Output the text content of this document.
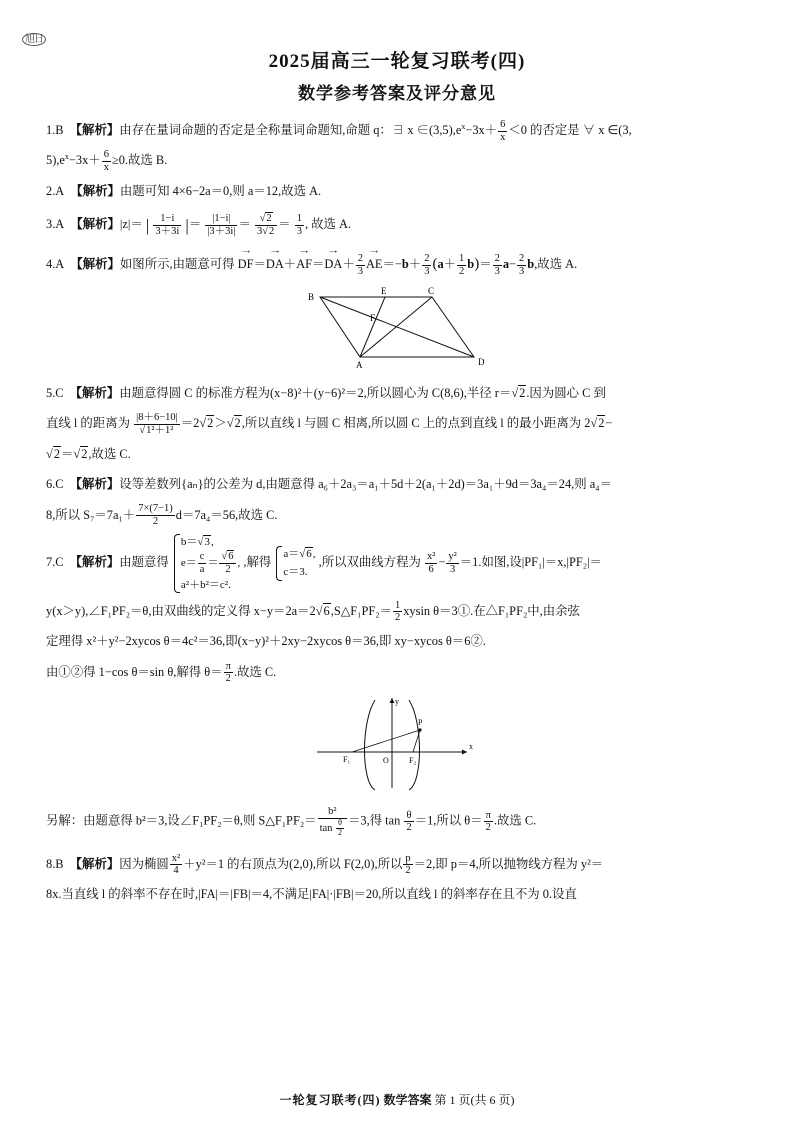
旭日
2025届高三一轮复习联考(四)
数学参考答案及评分意见
1.B 【解析】由存在量词命题的否定是全称量词命题知,命题 q：∃ x $\in(3,5),e^x-3x+ \frac{6}{x} <0$ 的否定是 ∀ x ∈(3,
$5),e^x-3x+ \frac{6}{x} \ge 0$.故选 B.
2.A 【解析】由题可知 4×6−2a＝0,则 a＝12,故选 A.
3.A 【解析】|z|＝ | $\frac{1-i}{3+3i}$ |＝ $\frac{|1-i|}{|3+3i|} = \frac{√2}{3√2} = \frac{1}{3}$ , 故选 A.
4.A 【解析】如图所示,由题意可得 → $DF=\to DA+\to AF=\to DA+ \frac{2}{3} \to AE=-b+ \frac{2}{3} (a+ \frac{1}{2} b)= \frac{2}{3} a- \frac{2}{3} b$,故选 A.
B
E	C
F
A	D
5.C 【解析】由题意得圆 C 的标准方程为(x−8)²＋(y−6)²＝2,所以圆心为 C(8,6),半径 r＝√2.因为圆心 C 到
直线 l 的距离为 $\frac{|8+6-10|}{\text{√1²＋1²}} =2√2>√2$,所以直线 l 与圆 C 相离,所以圆 C 上的点到直线 l 的最小距离为 2√2−
√2＝√2,故选 C.
6.C 【解析】设等差数列{aₙ}的公差为 d,由题意得 a₆＋2a₃＝a₁＋5d＋2(a₁＋2d)＝3a₁＋9d＝3a₄＝24,则 a₄＝
8,所以 $S_7=7a_1+ \frac{7\times(7-1)}{2} d=7a_4=56$,故选 C.
7.C 【解析】由题意得 b＝√3,
$e= \frac{c}{a} = \frac{√6}{2}$ ,
a²＋b²＝c². ,解得 a＝√6,
c＝3. ,所以双曲线方程为 $\frac{\text{x²}}{6} - \frac{\text{y²}}{3} =1$.如图,设|PF₁|＝x,|PF₂|＝
y(x＞y),∠F₁PF₂＝θ,由双曲线的定义得 x−y＝2a＝2√6,S△F₁PF₂＝ $\frac{1}{2}$ xysin θ＝3①.在△F₁PF₂中,由余弦
定理得 x²＋y²−2xycos θ＝4c²＝36,即(x−y)²＋2xy−2xycos θ＝36,即 xy−xycos θ＝6②.
由①②得 1−cos θ＝sin θ,解得 $\theta= \frac{\pi}{2}$ .故选 C.
P
F₁	O	F₂
x
y
另解：由题意得 b²＝3,设∠F₁PF₂＝θ,则 S△F₁PF₂＝ $\frac{\text{b²}}{\tan \frac{\theta}{2}} =3$,得 $\tan \frac{\theta}{2} =1$,所以 $\theta= \frac{\pi}{2}$ .故选 C.
8.B 【解析】因为椭圆 $\frac{\text{x²}}{4} +y^2=1$ 的右顶点为(2,0),所以 F(2,0),所以 $\frac{p}{2} =2$,即 p＝4,所以抛物线方程为 y²＝
8x.当直线 l 的斜率不存在时,|FA|＝|FB|＝4,不满足|FA|·|FB|＝20,所以直线 l 的斜率存在且不为 0.设直
一轮复习联考(四) 数学答案 第 1 页(共 6 页)
